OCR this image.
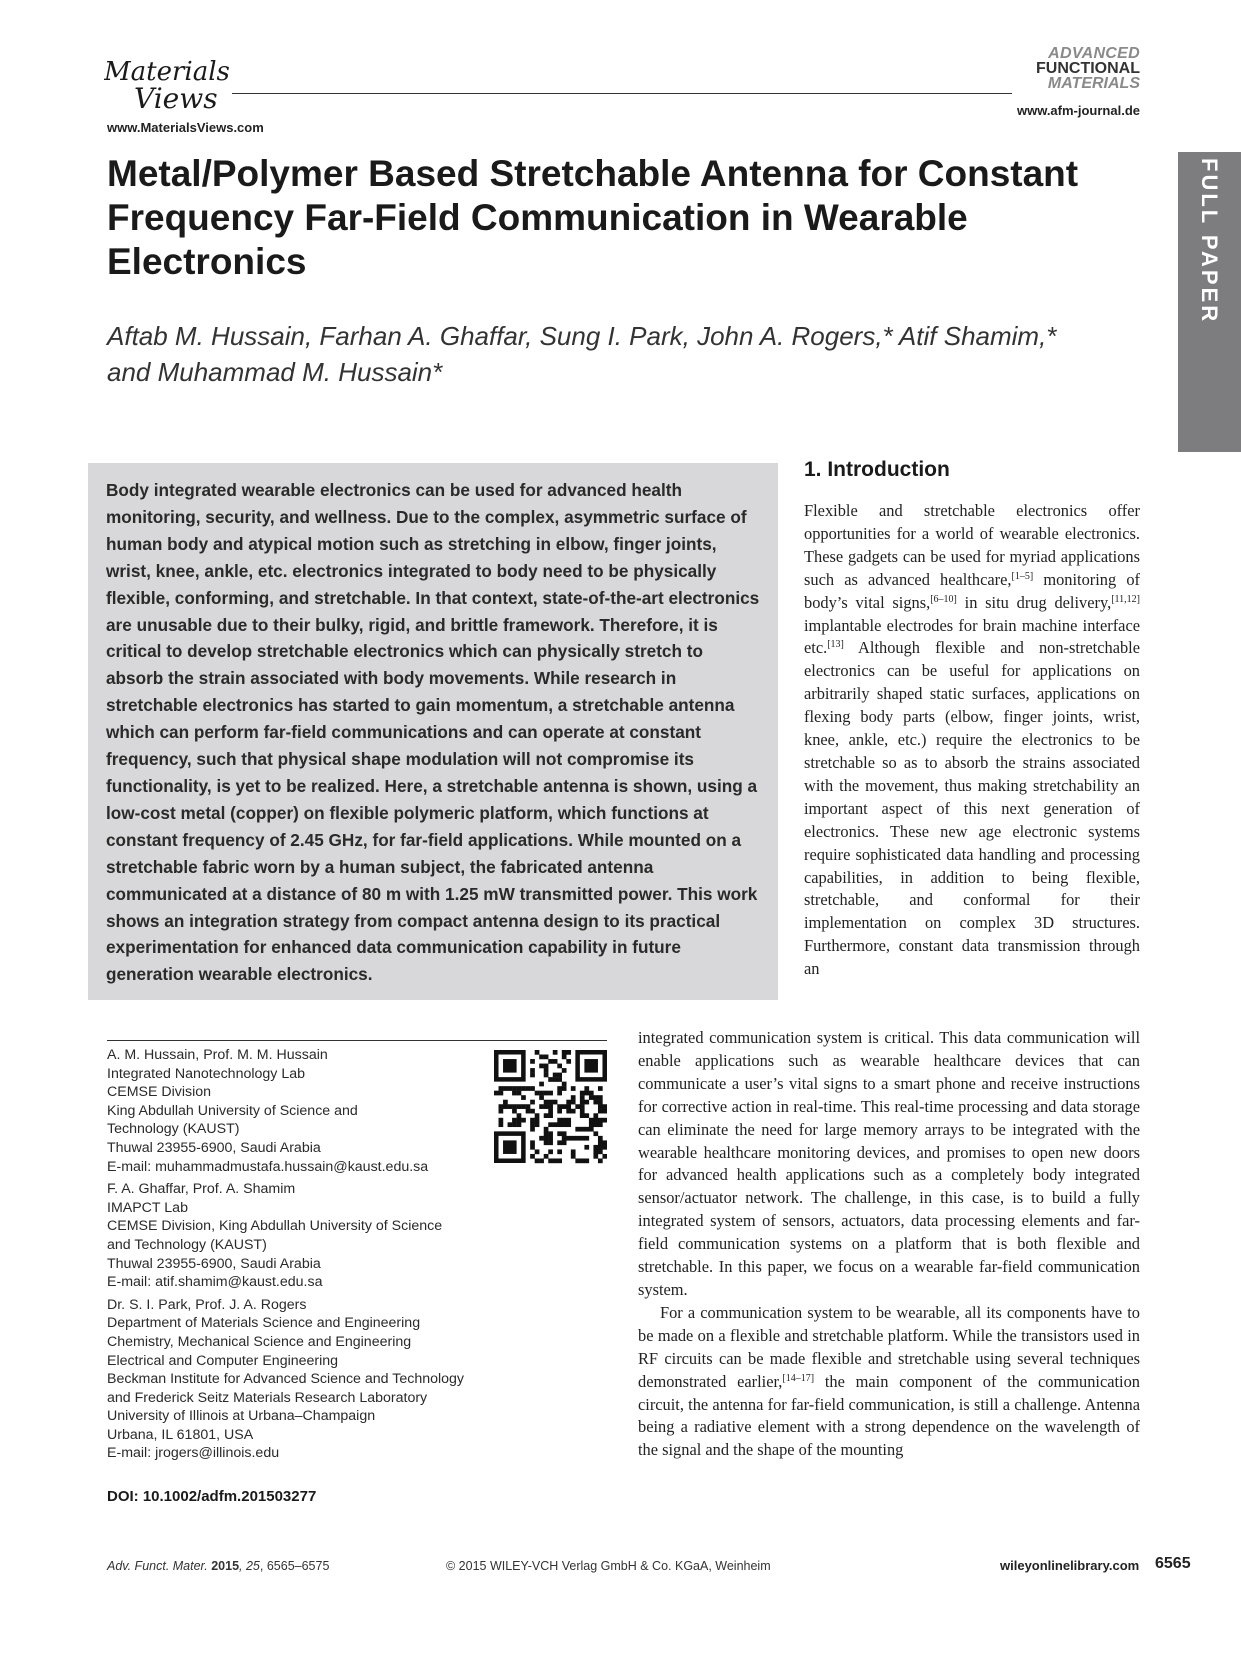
Materials
Views
www.MaterialsViews.com
ADVANCED
FUNCTIONAL
MATERIALS
www.afm-journal.de
FULL PAPER
Metal/Polymer Based Stretchable Antenna for Constant Frequency Far-Field Communication in Wearable Electronics
Aftab M. Hussain, Farhan A. Ghaffar, Sung I. Park, John A. Rogers,* Atif Shamim,*
and Muhammad M. Hussain*

Body integrated wearable electronics can be used for advanced health monitoring, security, and wellness. Due to the complex, asymmetric surface of human body and atypical motion such as stretching in elbow, finger joints, wrist, knee, ankle, etc. electronics integrated to body need to be physically flexible, conforming, and stretchable. In that context, state-of-the-art electronics are unusable due to their bulky, rigid, and brittle framework. Therefore, it is critical to develop stretchable electronics which can physically stretch to absorb the strain associated with body movements. While research in stretchable electronics has started to gain momentum, a stretchable antenna which can perform far-field communications and can operate at constant frequency, such that physical shape modulation will not compromise its functionality, is yet to be realized. Here, a stretchable antenna is shown, using a low-cost metal (copper) on flexible polymeric platform, which functions at constant frequency of 2.45 GHz, for far-field applications. While mounted on a stretchable fabric worn by a human subject, the fabricated antenna communicated at a distance of 80 m with 1.25 mW transmitted power. This work shows an integration strategy from compact antenna design to its practical experimentation for enhanced data communication capability in future generation wearable electronics.

1. Introduction

Flexible and stretchable electronics offer opportunities for a world of wearable electronics. These gadgets can be used for myriad applications such as advanced healthcare,[1–5] monitoring of body’s vital signs,[6–10] in situ drug delivery,[11,12] implantable electrodes for brain machine interface etc.[13] Although flexible and non-stretchable electronics can be useful for applications on arbitrarily shaped static surfaces, applications on flexing body parts (elbow, finger joints, wrist, knee, ankle, etc.) require the electronics to be stretchable so as to absorb the strains associated with the movement, thus making stretchability an important aspect of this next generation of electronics. These new age electronic systems require sophisticated data handling and processing capabilities, in addition to being flexible, stretchable, and conformal for their implementation on complex 3D structures. Furthermore, constant data transmission through an

integrated communication system is critical. This data communication will enable applications such as wearable healthcare devices that can communicate a user’s vital signs to a smart phone and receive instructions for corrective action in real-time. This real-time processing and data storage can eliminate the need for large memory arrays to be integrated with the wearable healthcare monitoring devices, and promises to open new doors for advanced health applications such as a completely body integrated sensor/actuator network. The challenge, in this case, is to build a fully integrated system of sensors, actuators, data processing elements and far-field communication systems on a platform that is both flexible and stretchable. In this paper, we focus on a wearable far-field communication system.

For a communication system to be wearable, all its components have to be made on a flexible and stretchable platform. While the transistors used in RF circuits can be made flexible and stretchable using several techniques demonstrated earlier,[14–17] the main component of the communication circuit, the antenna for far-field communication, is still a challenge. Antenna being a radiative element with a strong dependence on the wavelength of the signal and the shape of the mounting

A. M. Hussain, Prof. M. M. Hussain
Integrated Nanotechnology Lab
CEMSE Division
King Abdullah University of Science and
Technology (KAUST)
Thuwal 23955-6900, Saudi Arabia
E-mail: muhammadmustafa.hussain@kaust.edu.sa
F. A. Ghaffar, Prof. A. Shamim
IMAPCT Lab
CEMSE Division, King Abdullah University of Science
and Technology (KAUST)
Thuwal 23955-6900, Saudi Arabia
E-mail: atif.shamim@kaust.edu.sa
Dr. S. I. Park, Prof. J. A. Rogers
Department of Materials Science and Engineering
Chemistry, Mechanical Science and Engineering
Electrical and Computer Engineering
Beckman Institute for Advanced Science and Technology
and Frederick Seitz Materials Research Laboratory
University of Illinois at Urbana–Champaign
Urbana, IL 61801, USA
E-mail: jrogers@illinois.edu
DOI: 10.1002/adfm.201503277
Adv. Funct. Mater. 2015, 25, 6565–6575	© 2015 WILEY-VCH Verlag GmbH & Co. KGaA, Weinheim	wileyonlinelibrary.com 6565
